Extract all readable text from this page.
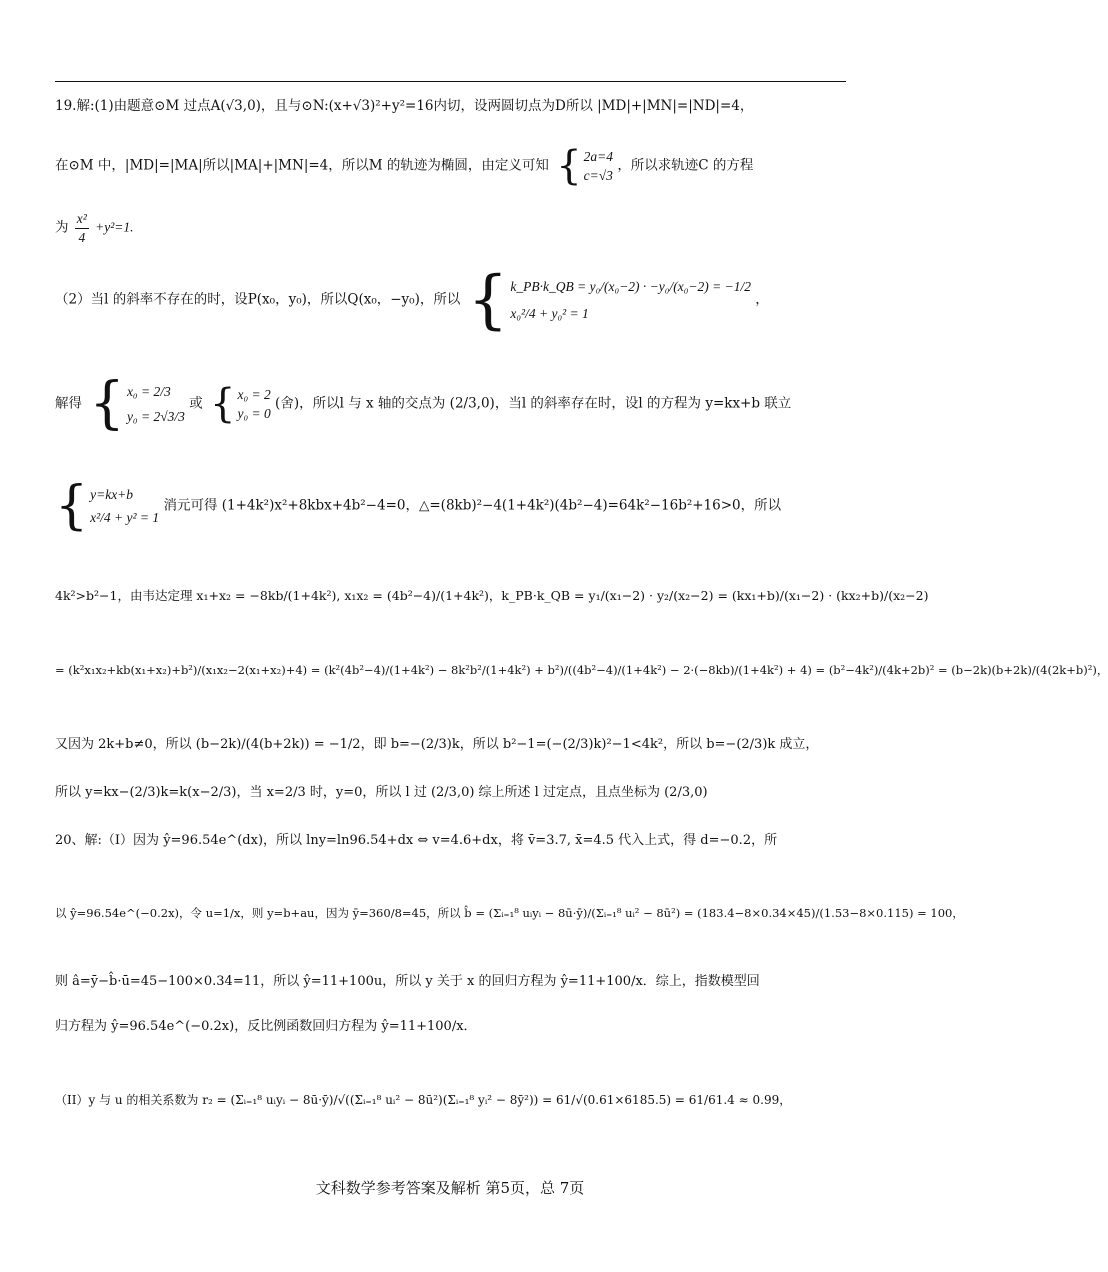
19.解:(1)由题意⊙M 过点A(√3,0)，且与⊙N:(x+√3)²+y²=16内切，设两圆切点为D所以 |MD|+|MN|=|ND|=4，
在⊙M 中，|MD|=|MA|所以|MA|+|MN|=4，所以M 的轨迹为椭圆，由定义可知 { 2a=4
c=√3
，所以求轨迹C 的方程
为 $\frac{\text{x²}}{4} +y^2=1$.
（2）当l 的斜率不存在的时，设P(x₀，y₀)，所以Q(x₀，−y₀)，所以 { k_PB·k_QB = y₀/(x₀−2) · −y₀/(x₀−2) = −1/2
x₀²/4 + y₀² = 1
，
解得 { x₀ = 2/3
y₀ = 2√3/3
或 { x₀ = 2
y₀ = 0
(舍)，所以l 与 x 轴的交点为 (2/3,0)，当l 的斜率存在时，设l 的方程为 y=kx+b 联立
{ y=kx+b
x²/4 + y² = 1
消元可得 (1+4k²)x²+8kbx+4b²−4=0，△=(8kb)²−4(1+4k²)(4b²−4)=64k²−16b²+16>0，所以
4k²>b²−1，由韦达定理 x₁+x₂ = −8kb/(1+4k²), x₁x₂ = (4b²−4)/(1+4k²)，k_PB·k_QB = y₁/(x₁−2) · y₂/(x₂−2) = (kx₁+b)/(x₁−2) · (kx₂+b)/(x₂−2)
= (k²x₁x₂+kb(x₁+x₂)+b²)/(x₁x₂−2(x₁+x₂)+4) = (k²(4b²−4)/(1+4k²) − 8k²b²/(1+4k²) + b²)/((4b²−4)/(1+4k²) − 2·(−8kb)/(1+4k²) + 4) = (b²−4k²)/(4k+2b)² = (b−2k)(b+2k)/(4(2k+b)²)，
又因为 2k+b≠0，所以 (b−2k)/(4(b+2k)) = −1/2，即 b=−(2/3)k，所以 b²−1=(−(2/3)k)²−1<4k²，所以 b=−(2/3)k 成立，
所以 y=kx−(2/3)k=k(x−2/3)，当 x=2/3 时，y=0，所以 l 过 (2/3,0) 综上所述 l 过定点，且点坐标为 (2/3,0)
20、解:（I）因为 ŷ=96.54e^(dx)，所以 lny=ln96.54+dx ⇔ v=4.6+dx，将 v̄=3.7, x̄=4.5 代入上式，得 d=−0.2，所
以 ŷ=96.54e^(−0.2x)，令 u=1/x，则 y=b+au，因为 ȳ=360/8=45，所以 b̂ = (Σᵢ₌₁⁸ uᵢyᵢ − 8ū·ȳ)/(Σᵢ₌₁⁸ uᵢ² − 8ū²) = (183.4−8×0.34×45)/(1.53−8×0.115) = 100，
则 â=ȳ−b̂·ū=45−100×0.34=11，所以 ŷ=11+100u，所以 y 关于 x 的回归方程为 ŷ=11+100/x．综上，指数模型回
归方程为 ŷ=96.54e^(−0.2x)，反比例函数回归方程为 ŷ=11+100/x．
（II）y 与 u 的相关系数为 r₂ = (Σᵢ₌₁⁸ uᵢyᵢ − 8ū·ȳ)/√((Σᵢ₌₁⁸ uᵢ² − 8ū²)(Σᵢ₌₁⁸ yᵢ² − 8ȳ²)) = 61/√(0.61×6185.5) = 61/61.4 ≈ 0.99，
文科数学参考答案及解析 第5页，总 7页
